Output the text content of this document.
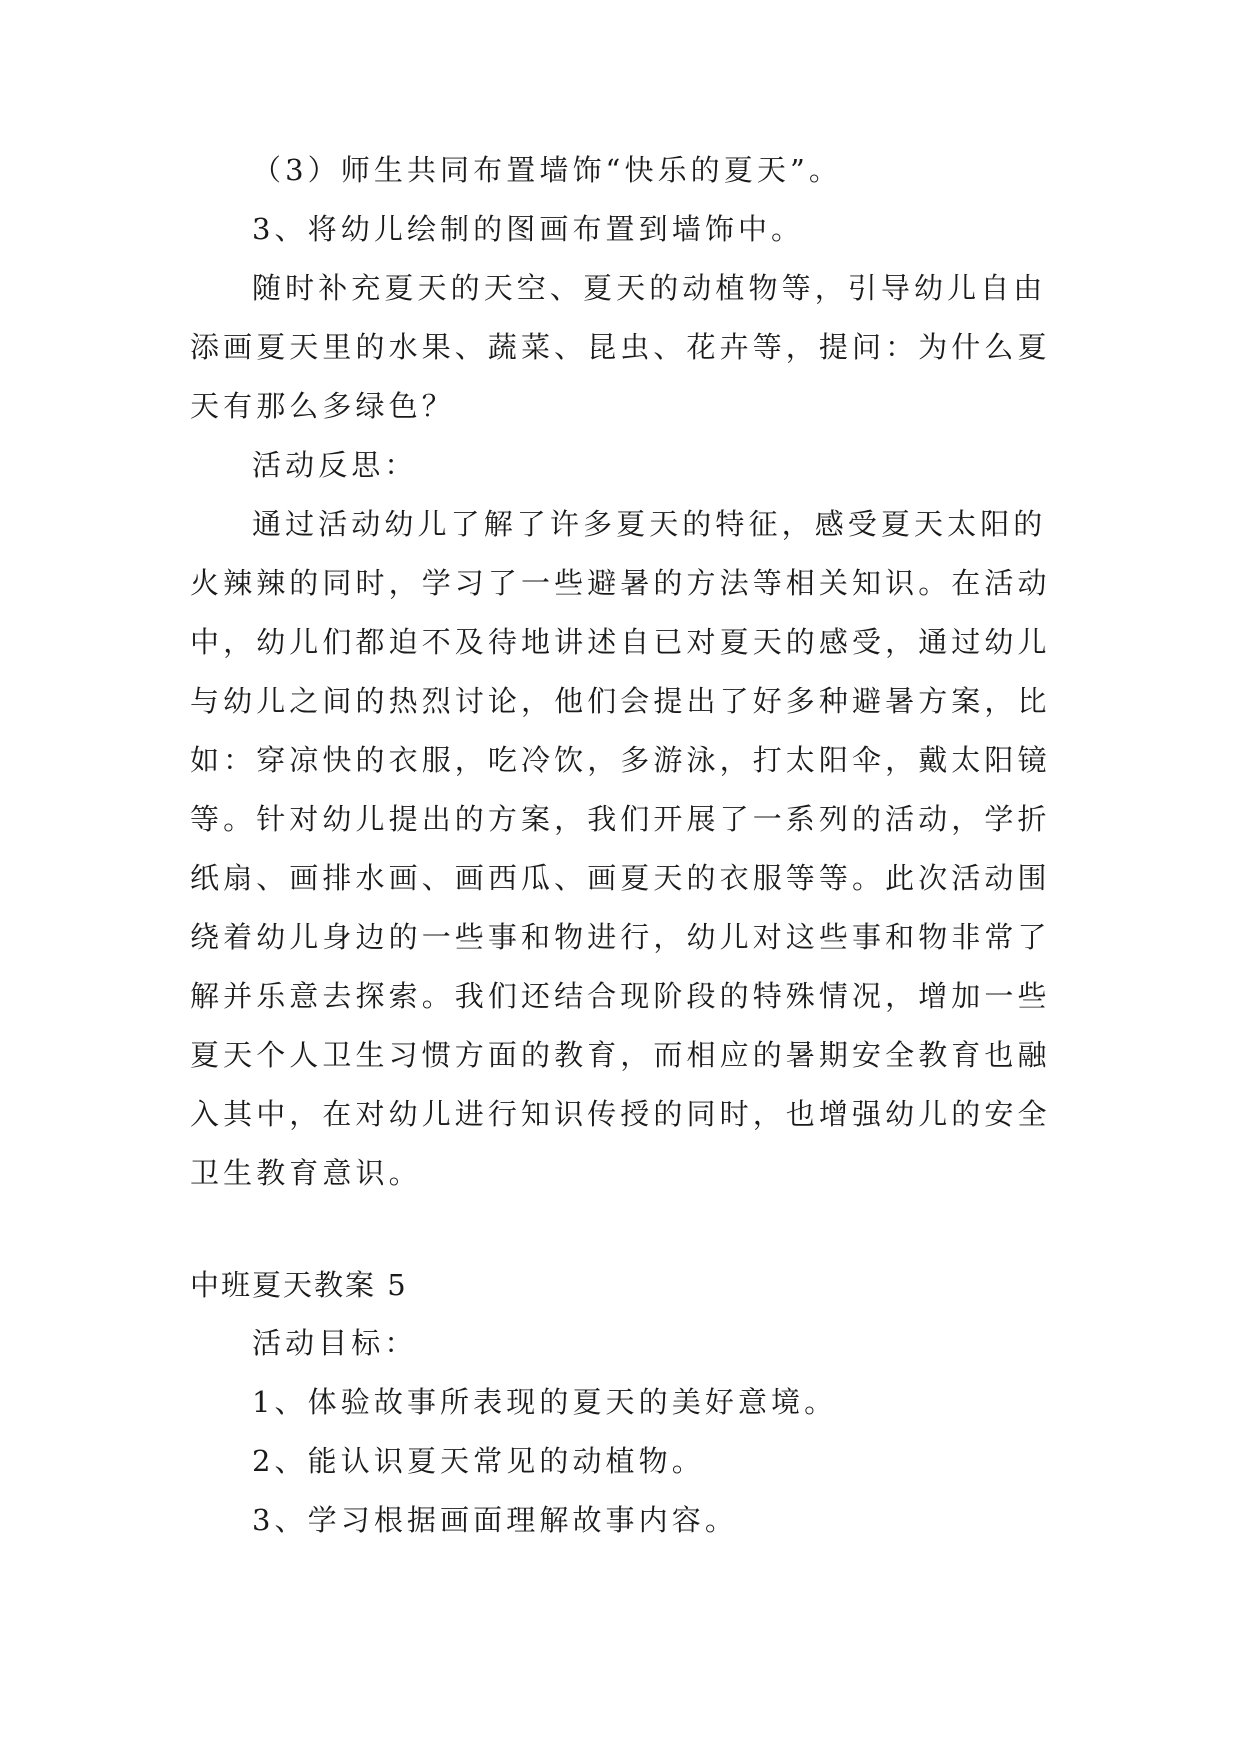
（3）师生共同布置墙饰“快乐的夏天”。
3、将幼儿绘制的图画布置到墙饰中。
随时补充夏天的天空、夏天的动植物等，引导幼儿自由
添画夏天里的水果、蔬菜、昆虫、花卉等，提问：为什么夏
天有那么多绿色？
活动反思：
通过活动幼儿了解了许多夏天的特征，感受夏天太阳的
火辣辣的同时，学习了一些避暑的方法等相关知识。在活动
中，幼儿们都迫不及待地讲述自已对夏天的感受，通过幼儿
与幼儿之间的热烈讨论，他们会提出了好多种避暑方案，比
如：穿凉快的衣服，吃冷饮，多游泳，打太阳伞，戴太阳镜
等。针对幼儿提出的方案，我们开展了一系列的活动，学折
纸扇、画排水画、画西瓜、画夏天的衣服等等。此次活动围
绕着幼儿身边的一些事和物进行，幼儿对这些事和物非常了
解并乐意去探索。我们还结合现阶段的特殊情况，增加一些
夏天个人卫生习惯方面的教育，而相应的暑期安全教育也融
入其中，在对幼儿进行知识传授的同时，也增强幼儿的安全
卫生教育意识。
中班夏天教案 5
活动目标：
1、体验故事所表现的夏天的美好意境。
2、能认识夏天常见的动植物。
3、学习根据画面理解故事内容。
